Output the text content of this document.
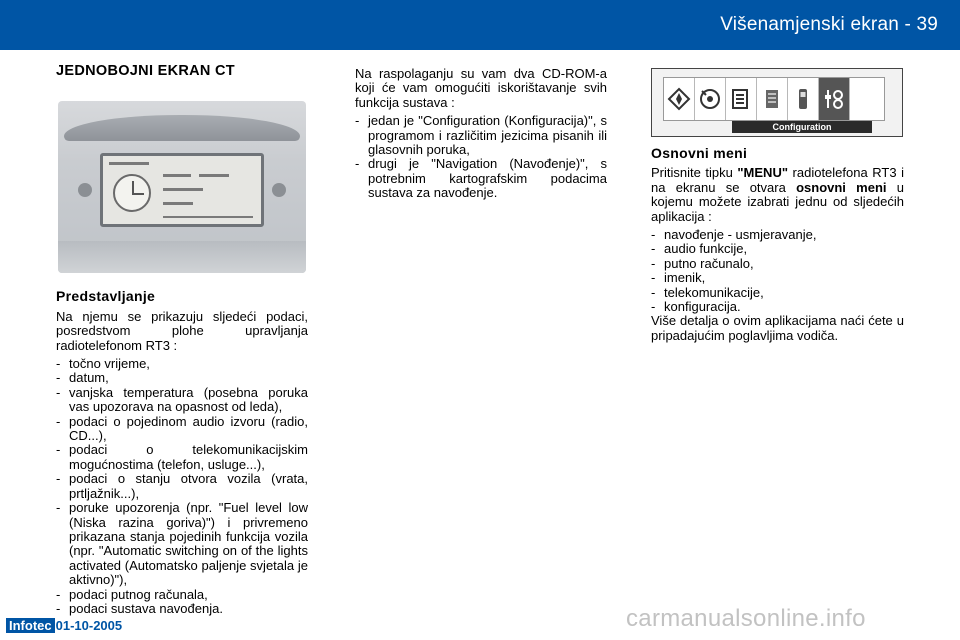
Višenamjenski ekran - 39
JEDNOBOJNI EKRAN CT
Predstavljanje
Na njemu se prikazuju sljedeći podaci, posredstvom plohe upravljanja radiotelefonom RT3 :
- točno vrijeme,
- datum,
- vanjska temperatura (posebna poruka vas upozorava na opasnost od leda),
- podaci o pojedinom audio izvoru (radio, CD...),
- podaci o telekomunikacijskim mogućnostima (telefon, usluge...),
- podaci o stanju otvora vozila (vrata, prtljažnik...),
- poruke upozorenja (npr. "Fuel level low (Niska razina goriva)") i privremeno prikazana stanja pojedinih funkcija vozila (npr. "Automatic switching on of the lights activated (Automatsko paljenje svjetala je aktivno)"),
- podaci putnog računala,
- podaci sustava navođenja.
Na raspolaganju su vam dva CD-ROM-a koji će vam omogućiti iskorištavanje svih funkcija sustava :
- jedan je "Configuration (Konfiguracija)", s programom i različitim jezicima pisanih ili glasovnih poruka,
- drugi je "Navigation (Navođenje)", s potrebnim kartografskim podacima sustava za navođenje.
Configuration
Osnovni meni
Pritisnite tipku "MENU" radiotelefona RT3 i na ekranu se otvara osnovni meni u kojemu možete izabrati jednu od sljedećih aplikacija :
- navođenje - usmjeravanje,
- audio funkcije,
- putno računalo,
- imenik,
- telekomunikacije,
- konfiguracija.
Više detalja o ovim aplikacijama naći ćete u pripadajućim poglavljima vodiča.
Infotec 01-10-2005	carmanualsonline.info
